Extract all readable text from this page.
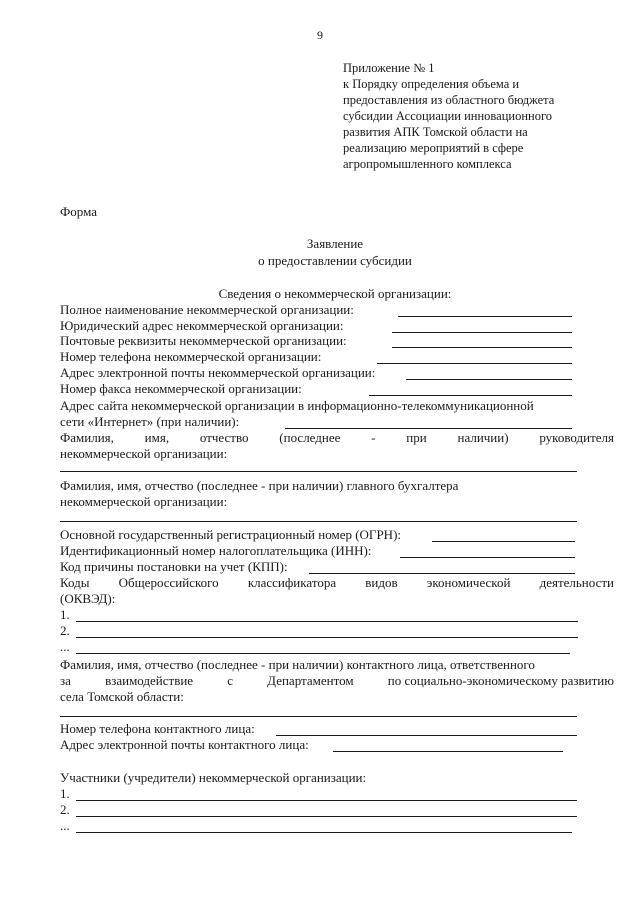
9
Приложение № 1
к Порядку определения объема и
предоставления из областного бюджета
субсидии Ассоциации инновационного
развития АПК Томской области на
реализацию мероприятий в сфере
агропромышленного комплекса
Форма
Заявление
о предоставлении субсидии
Сведения о некоммерческой организации:
Полное наименование некоммерческой организации:
Юридический адрес некоммерческой организации:
Почтовые реквизиты некоммерческой организации:
Номер телефона некоммерческой организации:
Адрес электронной почты некоммерческой организации:
Номер факса некоммерческой организации:
Адрес сайта некоммерческой организации в информационно-телекоммуникационной
сети «Интернет» (при наличии):
Фамилия, имя, отчество (последнее - при наличии) руководителя
некоммерческой организации:
Фамилия, имя, отчество (последнее - при наличии) главного бухгалтера
некоммерческой организации:
Основной государственный регистрационный номер (ОГРН):
Идентификационный номер налогоплательщика (ИНН):
Код причины постановки на учет (КПП):
Коды Общероссийского классификатора видов экономической деятельности
(ОКВЭД):
1.
2.
...
Фамилия, имя, отчество (последнее - при наличии) контактного лица, ответственного
за	взаимодействие	с	Департаментом	по социально-экономическому развитию
села Томской области:
Номер телефона контактного лица:
Адрес электронной почты контактного лица:
Участники (учредители) некоммерческой организации:
1.
2.
...
